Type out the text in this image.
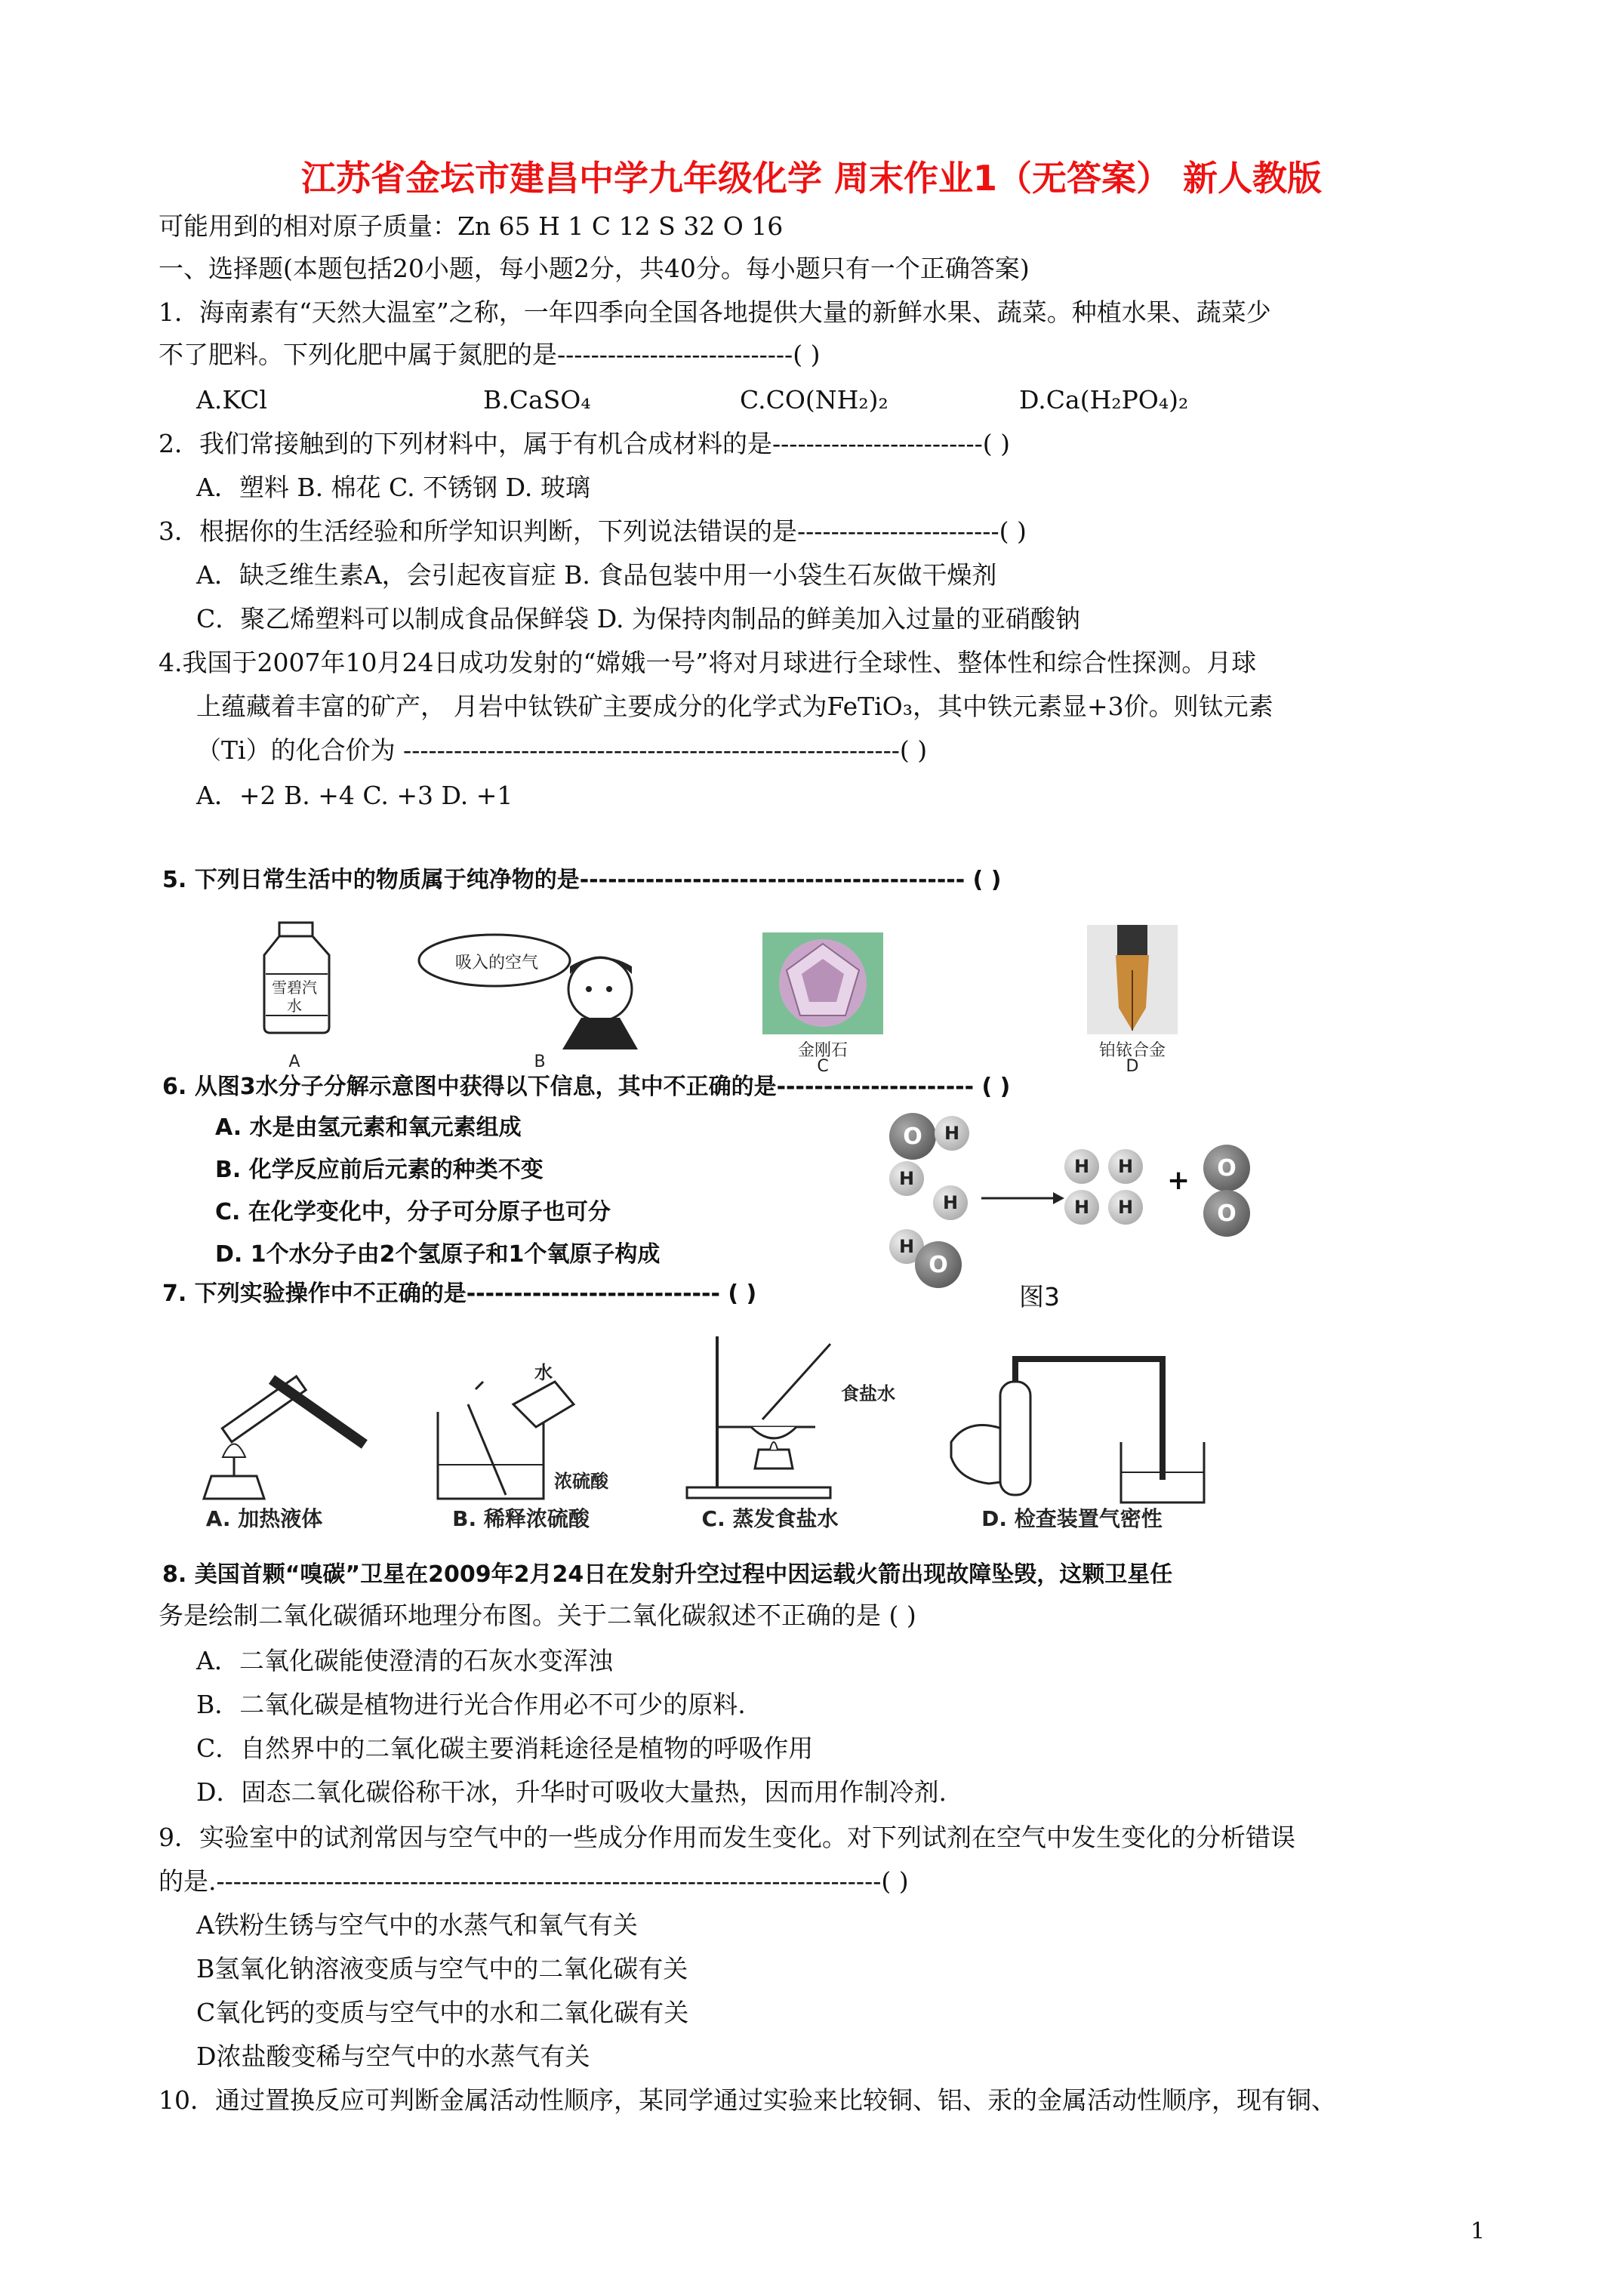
江苏省金坛市建昌中学九年级化学 周末作业1（无答案） 新人教版
可能用到的相对原子质量：Zn 65 H 1 C 12 S 32 O 16
一、选择题(本题包括20小题，每小题2分，共40分。每小题只有一个正确答案)
1．海南素有“天然大温室”之称，一年四季向全国各地提供大量的新鲜水果、蔬菜。种植水果、蔬菜少
不了肥料。下列化肥中属于氮肥的是----------------------------( )
A.KCl	B.CaSO₄	C.CO(NH₂)₂	D.Ca(H₂PO₄)₂
2．我们常接触到的下列材料中，属于有机合成材料的是-------------------------( )
A．塑料 B. 棉花 C. 不锈钢 D. 玻璃
3．根据你的生活经验和所学知识判断，下列说法错误的是------------------------( )
A．缺乏维生素A，会引起夜盲症 B. 食品包装中用一小袋生石灰做干燥剂
C．聚乙烯塑料可以制成食品保鲜袋 D. 为保持肉制品的鲜美加入过量的亚硝酸钠
4.我国于2007年10月24日成功发射的“嫦娥一号”将对月球进行全球性、整体性和综合性探测。月球
上蕴藏着丰富的矿产， 月岩中钛铁矿主要成分的化学式为FeTiO₃，其中铁元素显+3价。则钛元素
（Ti）的化合价为 -----------------------------------------------------------( )
A．+2 B. +4 C. +3 D. +1
5. 下列日常生活中的物质属于纯净物的是----------------------------------------- ( )
雪碧汽水
A
吸入的空气
B
金刚石
C
铂铱合金
D
6. 从图3水分子分解示意图中获得以下信息，其中不正确的是--------------------- ( )
A. 水是由氢元素和氧元素组成
B. 化学反应前后元素的种类不变
C. 在化学变化中，分子可分原子也可分
D. 1个水分子由2个氢原子和1个氧原子构成
O	H
H
H
O
H
H	H
H	H
+	O
O
图3
7. 下列实验操作中不正确的是--------------------------- ( )
A. 加热液体
水
浓硫酸
B. 稀释浓硫酸
食盐水
C. 蒸发食盐水	D. 检查装置气密性
8. 美国首颗“嗅碳”卫星在2009年2月24日在发射升空过程中因运载火箭出现故障坠毁，这颗卫星任
务是绘制二氧化碳循环地理分布图。关于二氧化碳叙述不正确的是 ( )
A．二氧化碳能使澄清的石灰水变浑浊
B．二氧化碳是植物进行光合作用必不可少的原料.
C．自然界中的二氧化碳主要消耗途径是植物的呼吸作用
D．固态二氧化碳俗称干冰，升华时可吸收大量热，因而用作制冷剂.
9．实验室中的试剂常因与空气中的一些成分作用而发生变化。对下列试剂在空气中发生变化的分析错误
的是.-------------------------------------------------------------------------------( )
A铁粉生锈与空气中的水蒸气和氧气有关
B氢氧化钠溶液变质与空气中的二氧化碳有关
C氧化钙的变质与空气中的水和二氧化碳有关
D浓盐酸变稀与空气中的水蒸气有关
10．通过置换反应可判断金属活动性顺序，某同学通过实验来比较铜、铝、汞的金属活动性顺序，现有铜、
1
